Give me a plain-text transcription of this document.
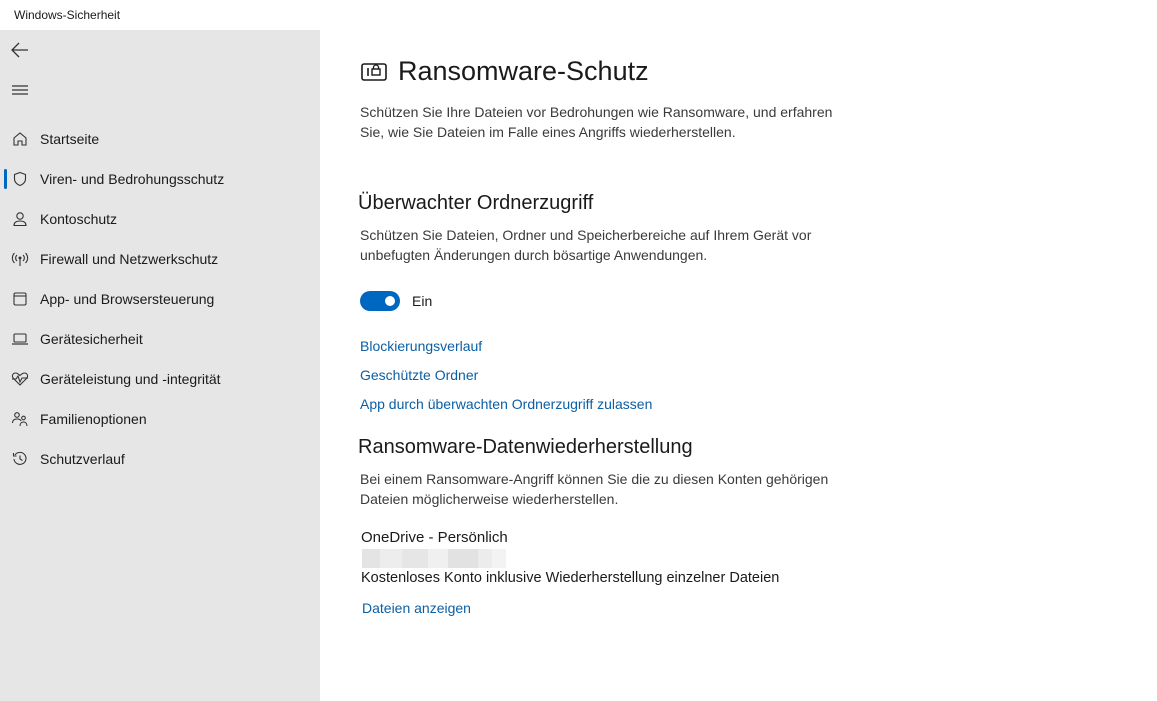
Windows-Sicherheit
Startseite
Viren- und Bedrohungsschutz
Kontoschutz
Firewall und Netzwerkschutz
App- und Browsersteuerung
Gerätesicherheit
Geräteleistung und -integrität
Familienoptionen
Schutzverlauf
Ransomware-Schutz
Schützen Sie Ihre Dateien vor Bedrohungen wie Ransomware, und erfahren Sie, wie Sie Dateien im Falle eines Angriffs wiederherstellen.
Überwachter Ordnerzugriff
Schützen Sie Dateien, Ordner und Speicherbereiche auf Ihrem Gerät vor unbefugten Änderungen durch bösartige Anwendungen.
Ein
Blockierungsverlauf
Geschützte Ordner
App durch überwachten Ordnerzugriff zulassen
Ransomware-Datenwiederherstellung
Bei einem Ransomware-Angriff können Sie die zu diesen Konten gehörigen Dateien möglicherweise wiederherstellen.
OneDrive - Persönlich
Kostenloses Konto inklusive Wiederherstellung einzelner Dateien
Dateien anzeigen
